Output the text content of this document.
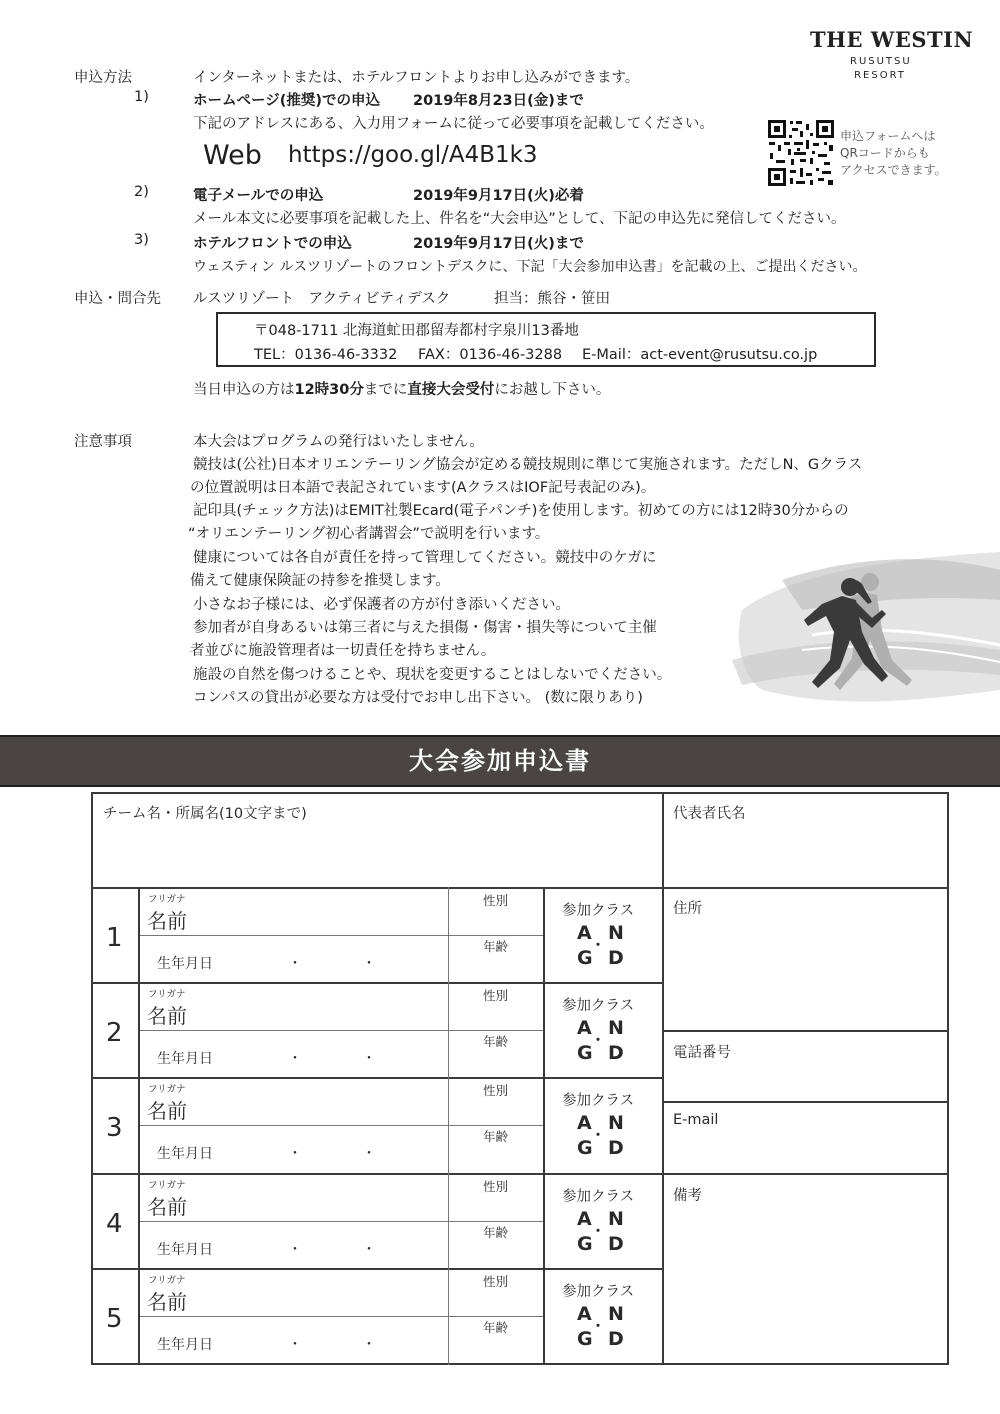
THE WESTIN
RUSUTSU
RESORT
申込方法	インターネットまたは、ホテルフロントよりお申し込みができます。
1)	ホームページ(推奨)での申込 2019年8月23日(金)まで
下記のアドレスにある、入力用フォームに従って必要事項を記載してください。
Web https://goo.gl/A4B1k3
申込フォームへは
QRコードからも
アクセスできます。
2)	電子メールでの申込	2019年9月17日(火)必着
メール本文に必要事項を記載した上、件名を“大会申込”として、下記の申込先に発信してください。
3)	ホテルフロントでの申込	2019年9月17日(火)まで
ウェスティン ルスツリゾートのフロントデスクに、下記「大会参加申込書」を記載の上、ご提出ください。
申込・問合先 ルスツリゾート　アクティビティデスク	担当：熊谷・笹田
〒048-1711 北海道虻田郡留寿都村字泉川13番地
TEL：0136-46-3332 FAX：0136-46-3288 E-Mail：act-event@rusutsu.co.jp
当日申込の方は12時30分までに直接大会受付にお越し下さい。
注意事項	本大会はプログラムの発行はいたしません。
競技は(公社)日本オリエンテーリング協会が定める競技規則に準じて実施されます。ただしN、Gクラス
の位置説明は日本語で表記されています(AクラスはIOF記号表記のみ)。
記印具(チェック方法)はEMIT社製Ecard(電子パンチ)を使用します。初めての方には12時30分からの
“オリエンテーリング初心者講習会”で説明を行います。
健康については各自が責任を持って管理してください。競技中のケガに
備えて健康保険証の持参を推奨します。
小さなお子様には、必ず保護者の方が付き添いください。
参加者が自身あるいは第三者に与えた損傷・傷害・損失等について主催
者並びに施設管理者は一切責任を持ちません。
施設の自然を傷つけることや、現状を変更することはしないでください。
コンパスの貸出が必要な方は受付でお申し出下さい。 (数に限りあり)
大会参加申込書
チーム名・所属名(10文字まで)	代表者氏名
住所
電話番号
E-mail
備考
1
フリガナ
名前
性別
年齢
生年月日	・	・
参加クラス
A N
・
G D
2
フリガナ
名前
性別
年齢
生年月日	・	・
参加クラス
A N
・
G D
3
フリガナ
名前
性別
年齢
生年月日	・	・
参加クラス
A N
・
G D
4
フリガナ
名前
性別
年齢
生年月日	・	・
参加クラス
A N
・
G D
5
フリガナ
名前
性別
年齢
生年月日	・	・
参加クラス
A N
・
G D
